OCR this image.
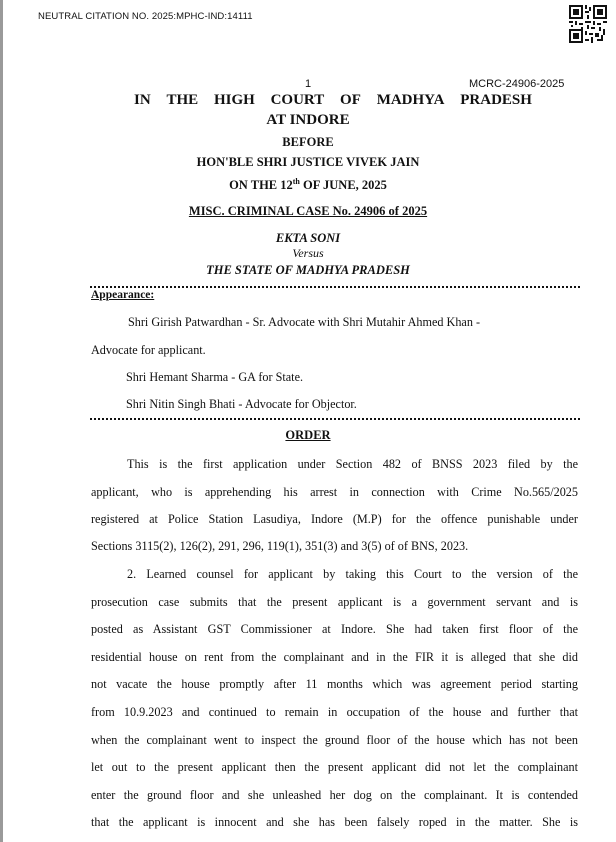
NEUTRAL CITATION NO. 2025:MPHC-IND:14111
1	MCRC-24906-2025
IN THE HIGH COURT OF MADHYA PRADESH
AT INDORE
BEFORE
HON'BLE SHRI JUSTICE VIVEK JAIN
ON THE 12th OF JUNE, 2025
MISC. CRIMINAL CASE No. 24906 of 2025
EKTA SONI
Versus
THE STATE OF MADHYA PRADESH
Appearance:
Shri Girish Patwardhan - Sr. Advocate with Shri Mutahir Ahmed Khan -
Advocate for applicant.
Shri Hemant Sharma - GA for State.
Shri Nitin Singh Bhati - Advocate for Objector.
ORDER
This is the first application under Section 482 of BNSS 2023 filed by the
applicant, who is apprehending his arrest in connection with Crime No.565/2025
registered at Police Station Lasudiya, Indore (M.P) for the offence punishable under
Sections 3115(2), 126(2), 291, 296, 119(1), 351(3) and 3(5) of of BNS, 2023.
2. Learned counsel for applicant by taking this Court to the version of the
prosecution case submits that the present applicant is a government servant and is
posted as Assistant GST Commissioner at Indore. She had taken first floor of the
residential house on rent from the complainant and in the FIR it is alleged that she did
not vacate the house promptly after 11 months which was agreement period starting
from 10.9.2023 and continued to remain in occupation of the house and further that
when the complainant went to inspect the ground floor of the house which has not been
let out to the present applicant then the present applicant did not let the complainant
enter the ground floor and she unleashed her dog on the complainant. It is contended
that the applicant is innocent and she has been falsely roped in the matter. She is
